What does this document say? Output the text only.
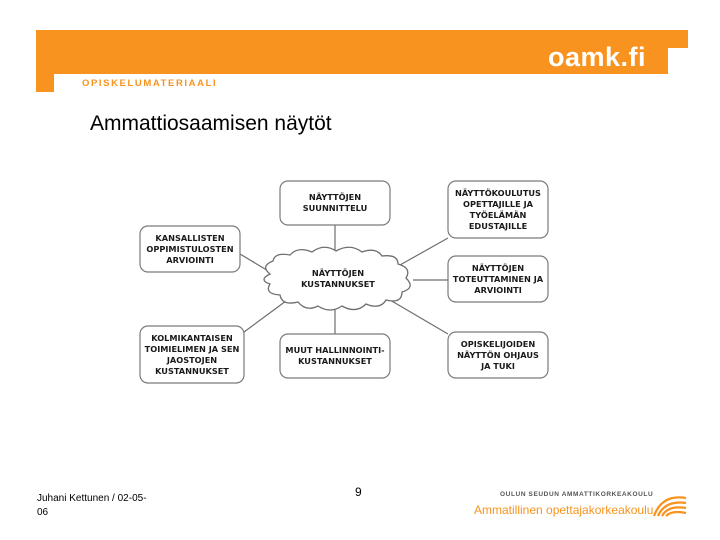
oamk.fi
OPISKELUMATERIAALI
Ammattiosaamisen näytöt
NÄYTTÖJEN
KUSTANNUKSET
NÄYTTÖJEN
SUUNNITTELU
NÄYTTÖKOULUTUS
OPETTAJILLE JA
TYÖELÄMÄN
EDUSTAJILLE
KANSALLISTEN
OPPIMISTULOSTEN
ARVIOINTI
NÄYTTÖJEN
TOTEUTTAMINEN JA
ARVIOINTI
KOLMIKANTAISEN
TOIMIELIMEN JA SEN
JAOSTOJEN
KUSTANNUKSET
MUUT HALLINNOINTI-
KUSTANNUKSET
OPISKELIJOIDEN
NÄYTTÖN OHJAUS
JA TUKI
Juhani Kettunen / 02-05-06
9	OULUN SEUDUN AMMATTIKORKEAKOULU
Ammatillinen opettajakorkeakoulu
